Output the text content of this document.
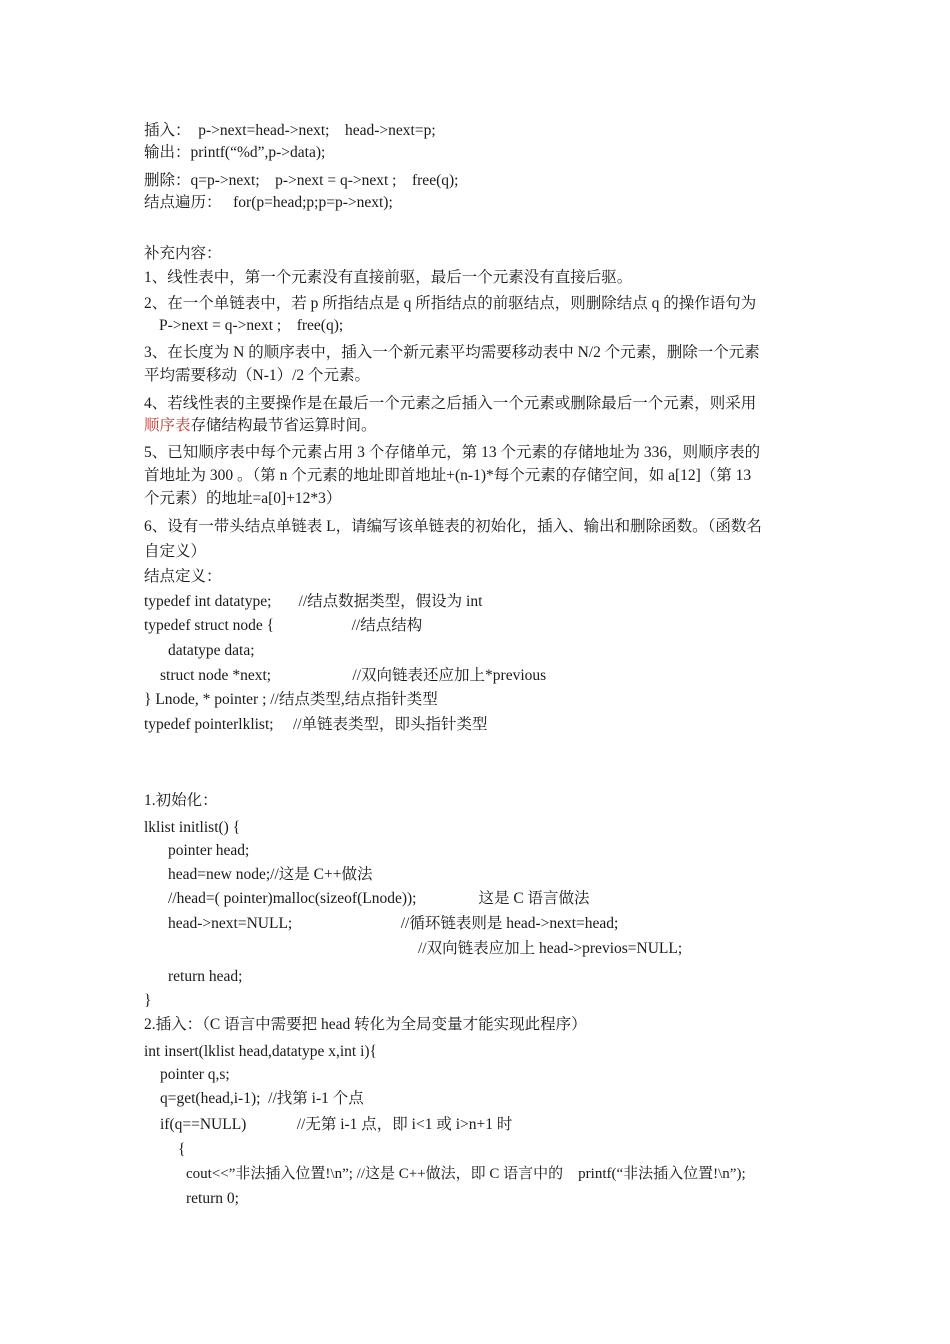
插入：  p->next=head->next;    head->next=p;
输出：printf(“%d”,p->data);
删除：q=p->next;    p->next = q->next ;    free(q);
结点遍历：   for(p=head;p;p=p->next);
补充内容：
1、线性表中，第一个元素没有直接前驱，最后一个元素没有直接后驱。
2、在一个单链表中，若 p 所指结点是 q 所指结点的前驱结点，则删除结点 q 的操作语句为
P->next = q->next ;    free(q);
3、在长度为 N 的顺序表中，插入一个新元素平均需要移动表中 N/2 个元素，删除一个元素
平均需要移动（N-1）/2 个元素。
4、若线性表的主要操作是在最后一个元素之后插入一个元素或删除最后一个元素，则采用
顺序表存储结构最节省运算时间。
5、已知顺序表中每个元素占用 3 个存储单元，第 13 个元素的存储地址为 336，则顺序表的
首地址为 300 。（第 n 个元素的地址即首地址+(n-1)*每个元素的存储空间，如 a[12]（第 13
个元素）的地址=a[0]+12*3）
6、设有一带头结点单链表 L，请编写该单链表的初始化，插入、输出和删除函数。（函数名
自定义）
结点定义：
typedef int datatype;       //结点数据类型，假设为 int
typedef struct node {                    //结点结构
datatype data;
struct node *next;                     //双向链表还应加上*previous
} Lnode, * pointer ; //结点类型,结点指针类型
typedef pointerlklist;     //单链表类型，即头指针类型
1.初始化：
lklist initlist() {
pointer head;
head=new node;//这是 C++做法
//head=( pointer)malloc(sizeof(Lnode));                这是 C 语言做法
head->next=NULL;                            //循环链表则是 head->next=head;
//双向链表应加上 head->previos=NULL;
return head;
}
2.插入：（C 语言中需要把 head 转化为全局变量才能实现此程序）
int insert(lklist head,datatype x,int i){
pointer q,s;
q=get(head,i-1);  //找第 i-1 个点
if(q==NULL)             //无第 i-1 点，即 i<1 或 i>n+1 时
{
cout<<”非法插入位置!\n”; //这是 C++做法，即 C 语言中的    printf(“非法插入位置!\n”);
return 0;
